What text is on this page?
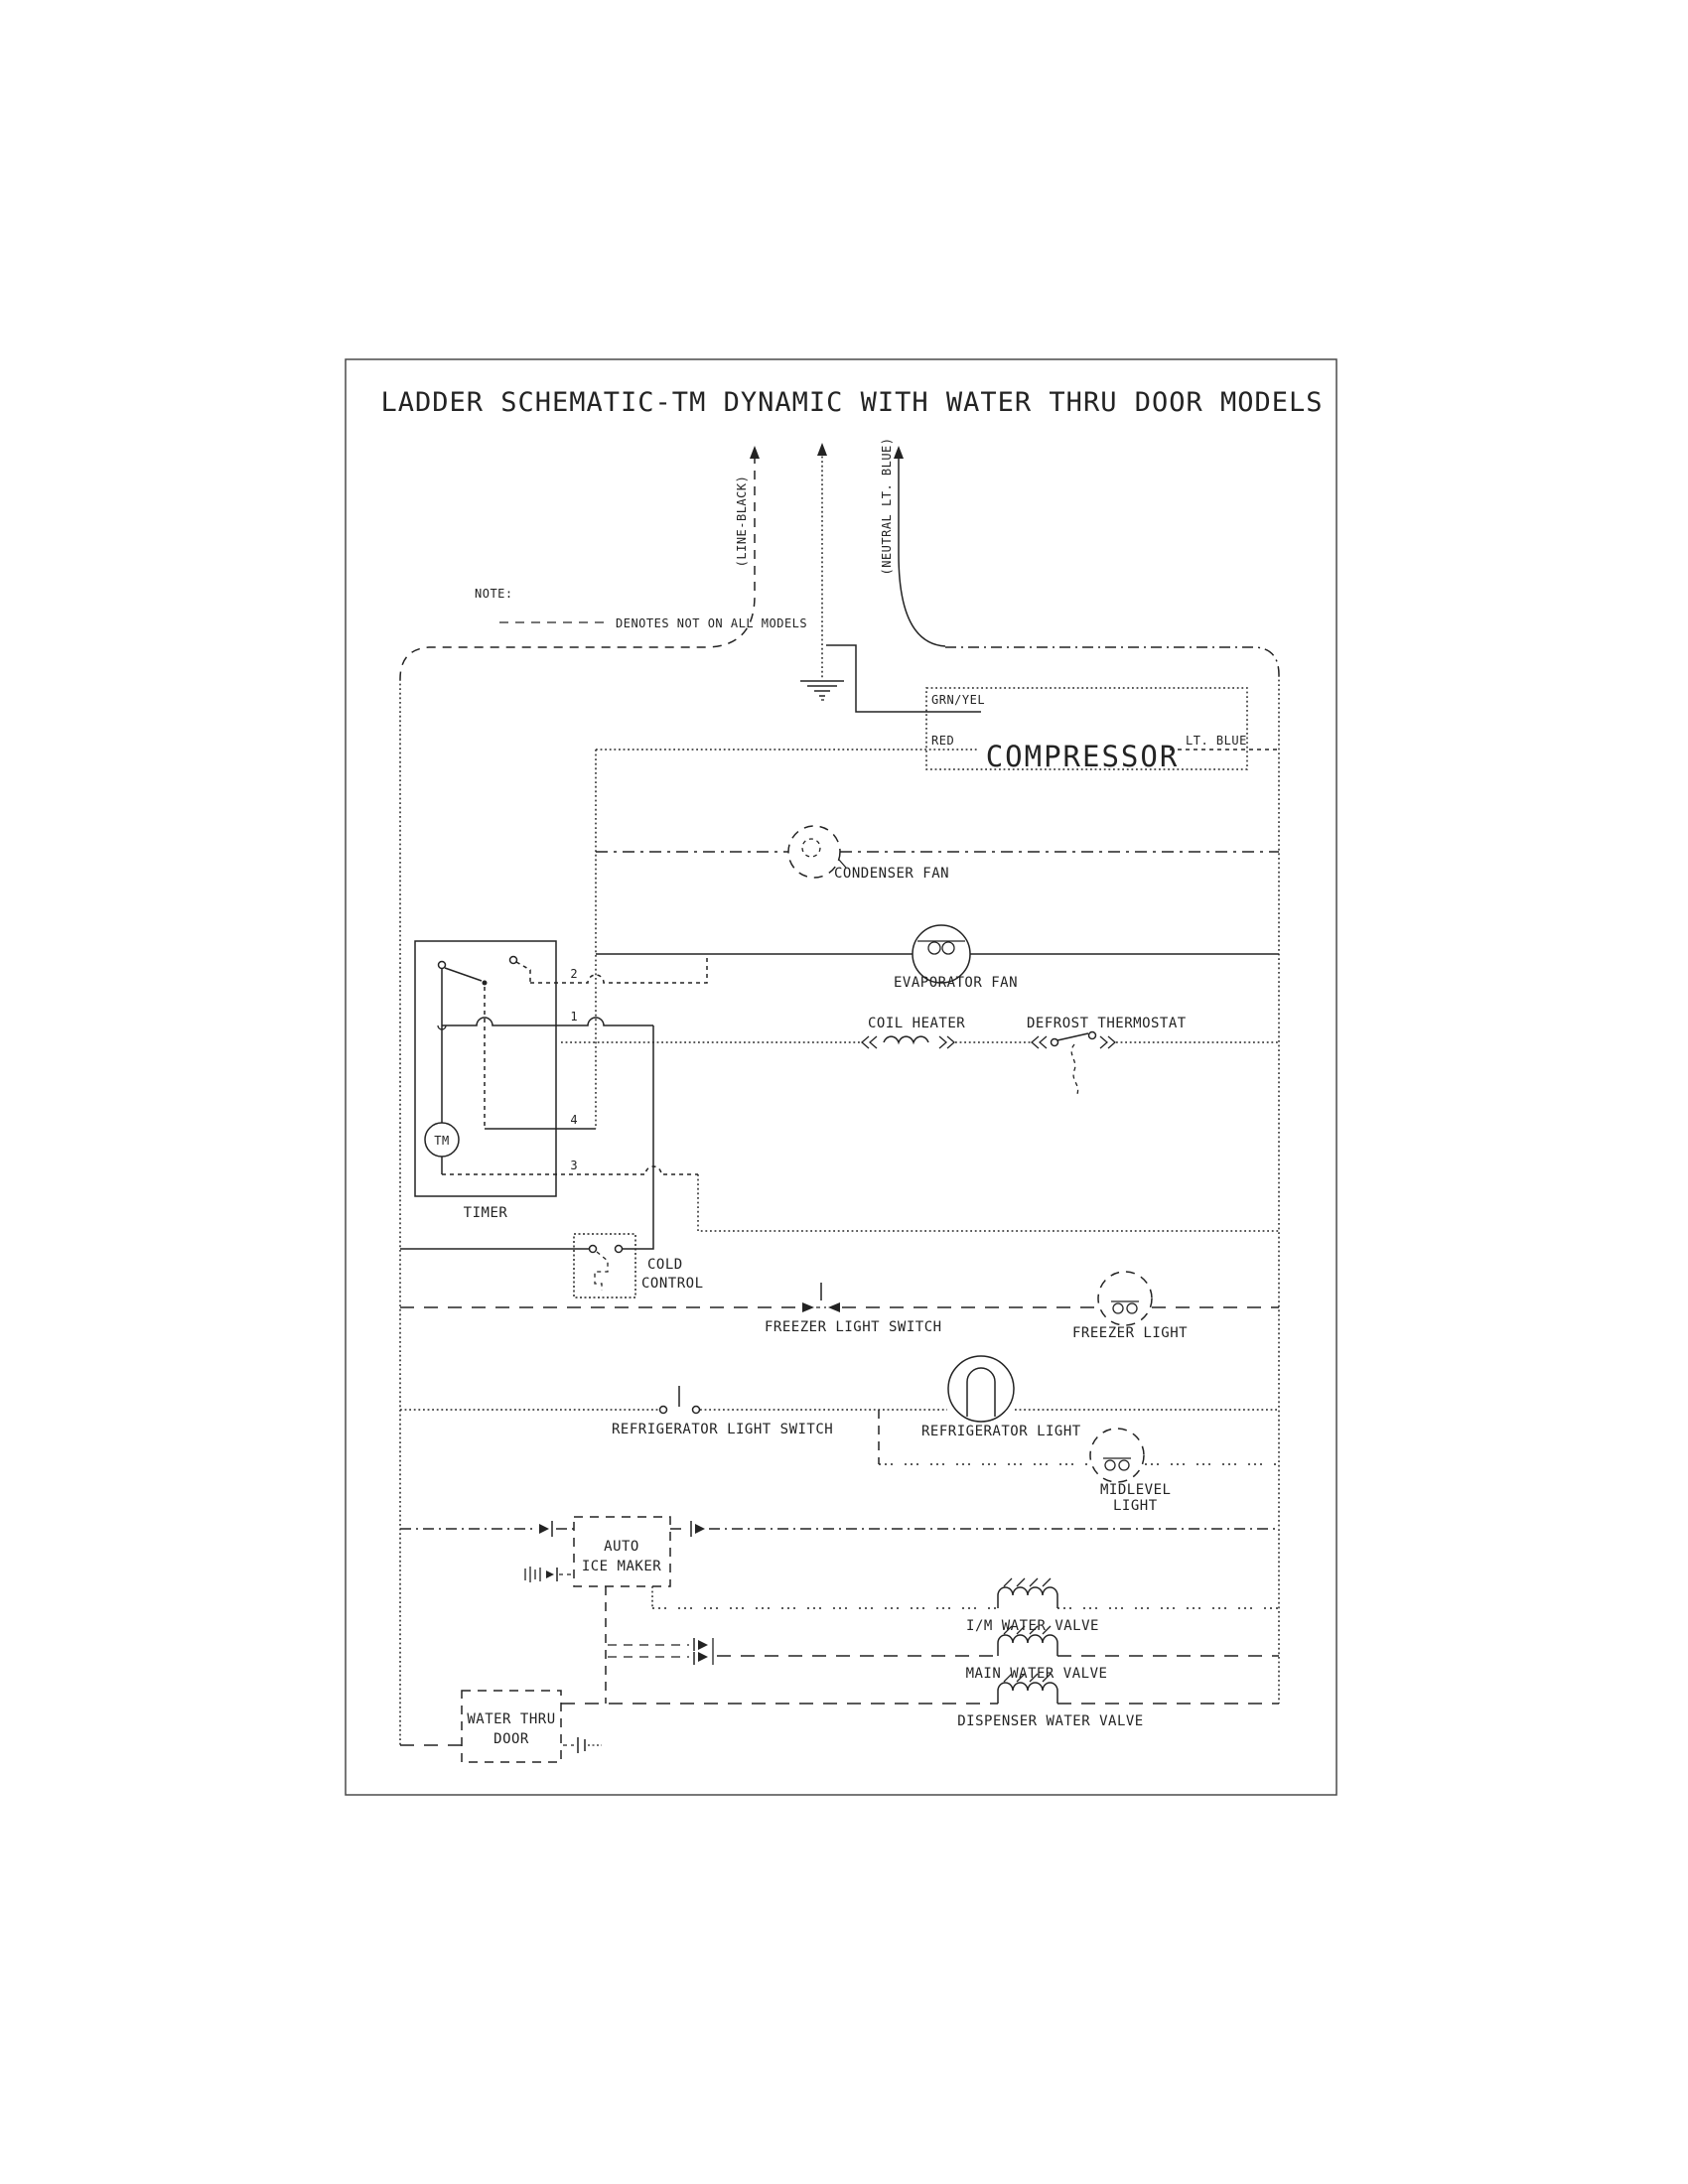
LADDER SCHEMATIC-TM DYNAMIC WITH WATER THRU DOOR MODELS
NOTE:
DENOTES NOT ON ALL MODELS
(LINE-BLACK)	(NEUTRAL LT. BLUE)
GRN/YEL
RED COMPRESSOR LT. BLUE
CONDENSER FAN
EVAPORATOR FAN
COIL HEATER	DEFROST THERMOSTAT
TIMER
TM
2
1
4
3
COLD
CONTROL
FREEZER LIGHT SWITCH	FREEZER LIGHT
REFRIGERATOR LIGHT SWITCH	REFRIGERATOR LIGHT
MIDLEVEL
LIGHT
AUTO
ICE MAKER
I/M WATER VALVE
MAIN WATER VALVE
DISPENSER WATER VALVE
WATER THRU
DOOR
